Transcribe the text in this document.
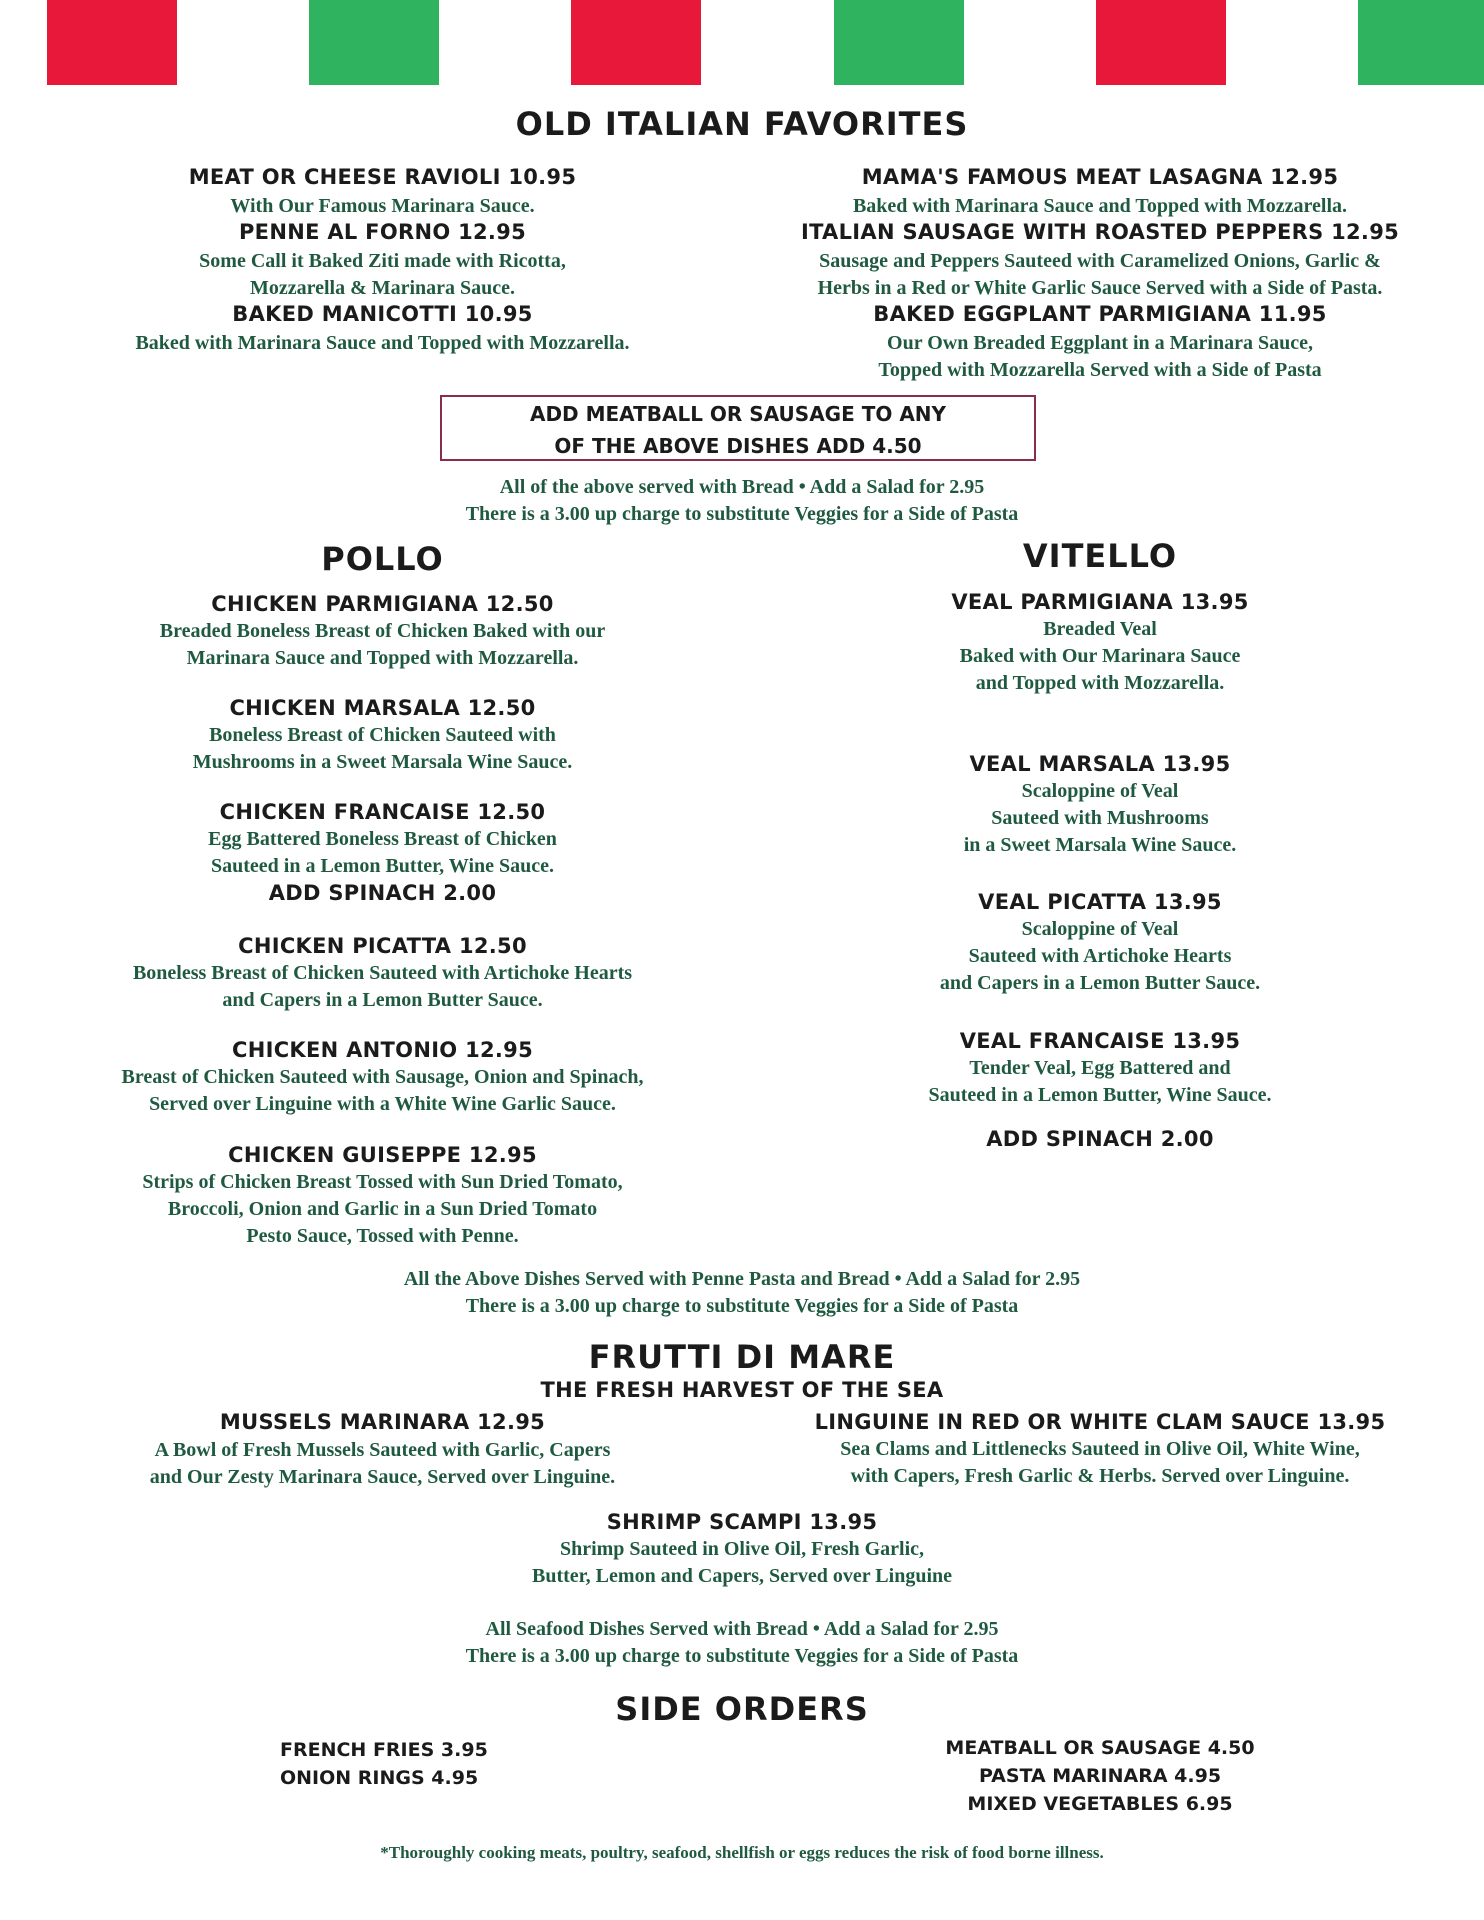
OLD ITALIAN FAVORITES
MEAT OR CHEESE RAVIOLI 10.95
With Our Famous Marinara Sauce.
PENNE AL FORNO 12.95
Some Call it Baked Ziti made with Ricotta,
Mozzarella & Marinara Sauce.
BAKED MANICOTTI 10.95
Baked with Marinara Sauce and Topped with Mozzarella.
MAMA'S FAMOUS MEAT LASAGNA 12.95
Baked with Marinara Sauce and Topped with Mozzarella.
ITALIAN SAUSAGE WITH ROASTED PEPPERS 12.95
Sausage and Peppers Sauteed with Caramelized Onions, Garlic &
Herbs in a Red or White Garlic Sauce Served with a Side of Pasta.
BAKED EGGPLANT PARMIGIANA 11.95
Our Own Breaded Eggplant in a Marinara Sauce,
Topped with Mozzarella Served with a Side of Pasta
ADD MEATBALL OR SAUSAGE TO ANY
OF THE ABOVE DISHES ADD 4.50
All of the above served with Bread • Add a Salad for 2.95
There is a 3.00 up charge to substitute Veggies for a Side of Pasta
POLLO
CHICKEN PARMIGIANA 12.50
Breaded Boneless Breast of Chicken Baked with our
Marinara Sauce and Topped with Mozzarella.
CHICKEN MARSALA 12.50
Boneless Breast of Chicken Sauteed with
Mushrooms in a Sweet Marsala Wine Sauce.
CHICKEN FRANCAISE 12.50
Egg Battered Boneless Breast of Chicken
Sauteed in a Lemon Butter, Wine Sauce.
ADD SPINACH 2.00
CHICKEN PICATTA 12.50
Boneless Breast of Chicken Sauteed with Artichoke Hearts
and Capers in a Lemon Butter Sauce.
CHICKEN ANTONIO 12.95
Breast of Chicken Sauteed with Sausage, Onion and Spinach,
Served over Linguine with a White Wine Garlic Sauce.
CHICKEN GUISEPPE 12.95
Strips of Chicken Breast Tossed with Sun Dried Tomato,
Broccoli, Onion and Garlic in a Sun Dried Tomato
Pesto Sauce, Tossed with Penne.
VITELLO
VEAL PARMIGIANA 13.95
Breaded Veal
Baked with Our Marinara Sauce
and Topped with Mozzarella.
VEAL MARSALA 13.95
Scaloppine of Veal
Sauteed with Mushrooms
in a Sweet Marsala Wine Sauce.
VEAL PICATTA 13.95
Scaloppine of Veal
Sauteed with Artichoke Hearts
and Capers in a Lemon Butter Sauce.
VEAL FRANCAISE 13.95
Tender Veal, Egg Battered and
Sauteed in a Lemon Butter, Wine Sauce.
ADD SPINACH 2.00
All the Above Dishes Served with Penne Pasta and Bread • Add a Salad for 2.95
There is a 3.00 up charge to substitute Veggies for a Side of Pasta
FRUTTI DI MARE
THE FRESH HARVEST OF THE SEA
MUSSELS MARINARA 12.95
A Bowl of Fresh Mussels Sauteed with Garlic, Capers
and Our Zesty Marinara Sauce, Served over Linguine.
LINGUINE IN RED OR WHITE CLAM SAUCE 13.95
Sea Clams and Littlenecks Sauteed in Olive Oil, White Wine,
with Capers, Fresh Garlic & Herbs. Served over Linguine.
SHRIMP SCAMPI 13.95
Shrimp Sauteed in Olive Oil, Fresh Garlic,
Butter, Lemon and Capers, Served over Linguine
All Seafood Dishes Served with Bread • Add a Salad for 2.95
There is a 3.00 up charge to substitute Veggies for a Side of Pasta
SIDE ORDERS
FRENCH FRIES 3.95
ONION RINGS 4.95
MEATBALL OR SAUSAGE 4.50
PASTA MARINARA 4.95
MIXED VEGETABLES 6.95
*Thoroughly cooking meats, poultry, seafood, shellfish or eggs reduces the risk of food borne illness.
